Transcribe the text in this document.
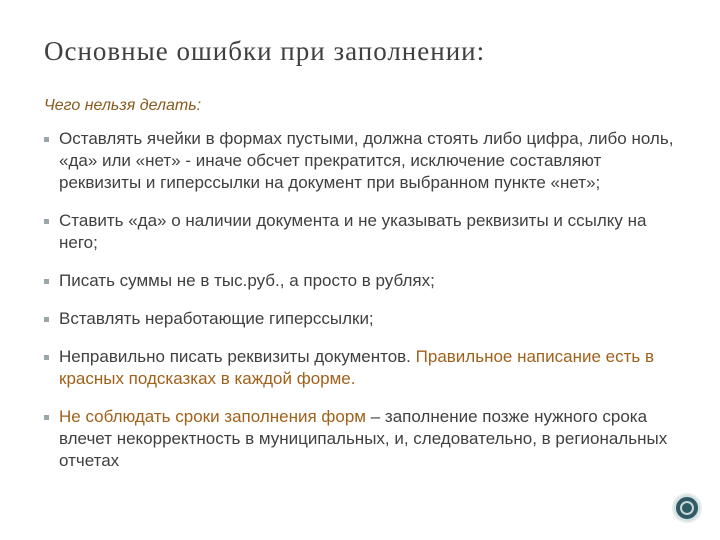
Основные ошибки при заполнении:
Чего нельзя делать:
Оставлять ячейки в формах пустыми, должна стоять либо цифра, либо ноль, «да» или «нет» - иначе обсчет прекратится, исключение составляют реквизиты и гиперссылки на документ при выбранном пункте «нет»;
Ставить «да» о наличии документа и не указывать реквизиты и ссылку на него;
Писать суммы не в тыс.руб., а просто в рублях;
Вставлять неработающие гиперссылки;
Неправильно писать реквизиты документов. Правильное написание есть в красных подсказках в каждой форме.
Не соблюдать сроки заполнения форм – заполнение позже нужного срока влечет некорректность в муниципальных, и, следовательно, в региональных отчетах
